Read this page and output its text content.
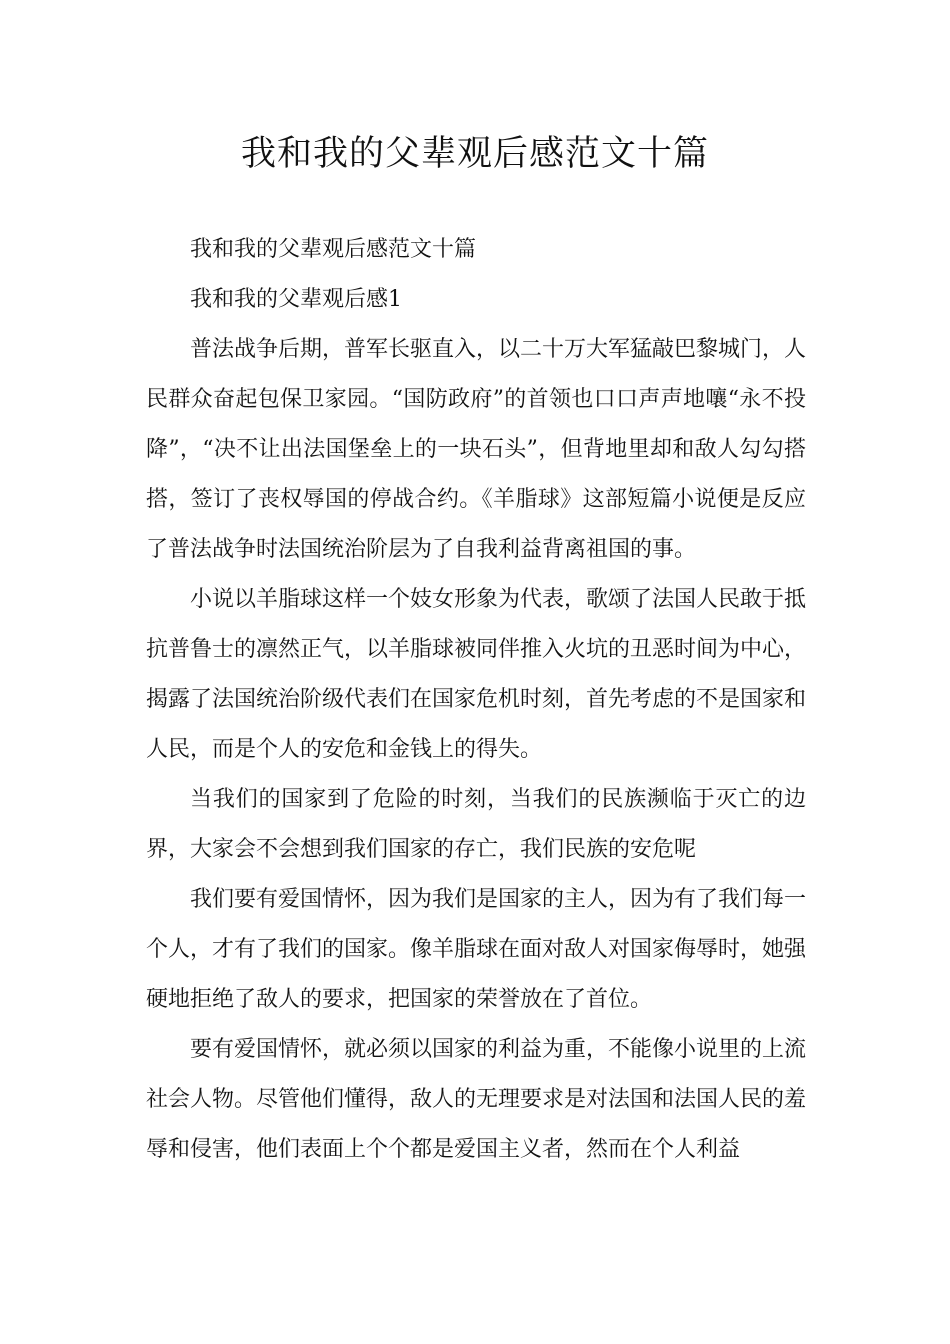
我和我的父辈观后感范文十篇

我和我的父辈观后感范文十篇

我和我的父辈观后感1

普法战争后期，普军长驱直入，以二十万大军猛敲巴黎城门，人民群众奋起包保卫家园。“国防政府”的首领也口口声声地嚷“永不投降”，“决不让出法国堡垒上的一块石头”，但背地里却和敌人勾勾搭搭，签订了丧权辱国的停战合约。《羊脂球》这部短篇小说便是反应了普法战争时法国统治阶层为了自我利益背离祖国的事。

小说以羊脂球这样一个妓女形象为代表，歌颂了法国人民敢于抵抗普鲁士的凛然正气，以羊脂球被同伴推入火坑的丑恶时间为中心，揭露了法国统治阶级代表们在国家危机时刻，首先考虑的不是国家和人民，而是个人的安危和金钱上的得失。

当我们的国家到了危险的时刻，当我们的民族濒临于灭亡的边界，大家会不会想到我们国家的存亡，我们民族的安危呢

我们要有爱国情怀，因为我们是国家的主人，因为有了我们每一个人，才有了我们的国家。像羊脂球在面对敌人对国家侮辱时，她强硬地拒绝了敌人的要求，把国家的荣誉放在了首位。

要有爱国情怀，就必须以国家的利益为重，不能像小说里的上流社会人物。尽管他们懂得，敌人的无理要求是对法国和法国人民的羞辱和侵害，他们表面上个个都是爱国主义者，然而在个人利益
